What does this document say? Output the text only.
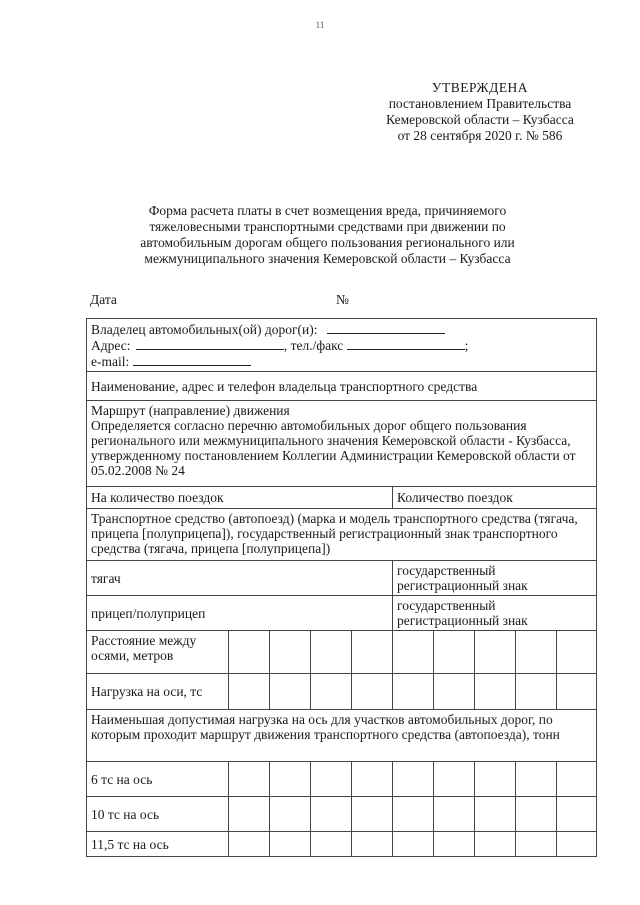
11
УТВЕРЖДЕНА
постановлением Правительства
Кемеровской области – Кузбасса
от 28 сентября 2020 г. № 586
Форма расчета платы в счет возмещения вреда, причиняемого
тяжеловесными транспортными средствами при движении по
автомобильным дорогам общего пользования регионального или
межмуниципального значения Кемеровской области – Кузбасса
Дата	№
Владелец автомобильных(ой) дорог(и):
Адрес: , тел./факс ;
e-mail:									

Наименование, адрес и телефон владельца транспортного средства									

Маршрут (направление) движения
Определяется согласно перечню автомобильных дорог общего пользования регионального или межмуниципального значения Кемеровской области - Кузбасса, утвержденному постановлением Коллегии Администрации Кемеровской области от 05.02.2008 № 24									

На количество поездок					Количество поездок				
Транспортное средство (автопоезд) (марка и модель транспортного средства (тягача, прицепа [полуприцепа]), государственный регистрационный знак транспортного средства (тягача, прицепа [полуприцепа])									
тягач					государственный регистрационный знак				
прицеп/полуприцеп					государственный регистрационный знак				
Расстояние между осями, метров									
Нагрузка на оси, тс									
Наименьшая допустимая нагрузка на ось для участков автомобильных дорог, по которым проходит маршрут движения транспортного средства (автопоезда), тонн									
6 тс на ось									
10 тс на ось									
11,5 тс на ось									
